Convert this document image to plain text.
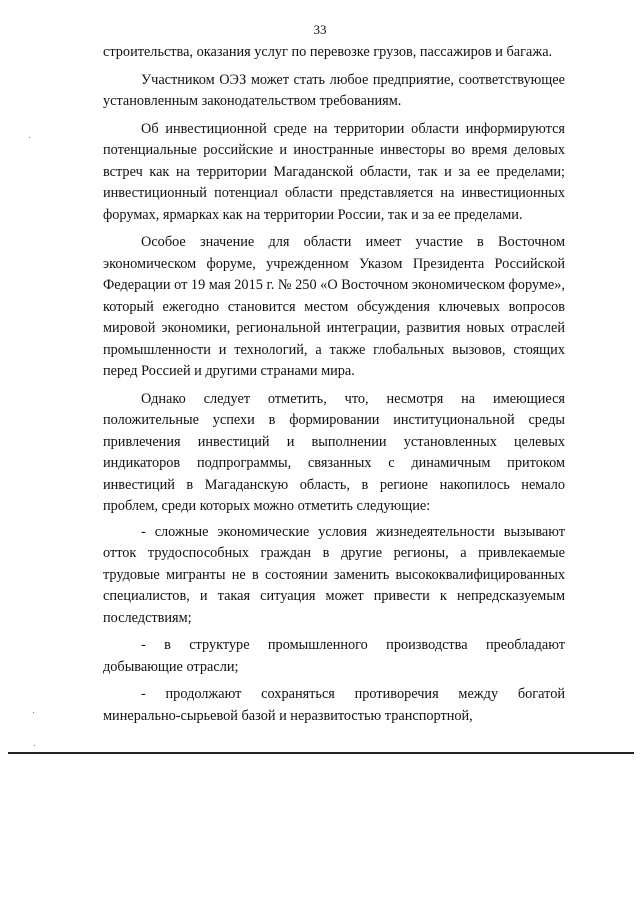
33

строительства, оказания услуг по перевозке грузов, пассажиров и багажа.

Участником ОЭЗ может стать любое предприятие, соответствующее установленным законодательством требованиям.

Об инвестиционной среде на территории области информируются потенциальные российские и иностранные инвесторы во время деловых встреч как на территории Магаданской области, так и за ее пределами; инвестиционный потенциал области представляется на инвестиционных форумах, ярмарках как на территории России, так и за ее пределами.

Особое значение для области имеет участие в Восточном экономическом форуме, учрежденном Указом Президента Российской Федерации от 19 мая 2015 г. № 250 «О Восточном экономическом форуме», который ежегодно становится местом обсуждения ключевых вопросов мировой экономики, региональной интеграции, развития новых отраслей промышленности и технологий, а также глобальных вызовов, стоящих перед Россией и другими странами мира.

Однако следует отметить, что, несмотря на имеющиеся положительные успехи в формировании институциональной среды привлечения инвестиций и выполнении установленных целевых индикаторов подпрограммы, связанных с динамичным притоком инвестиций в Магаданскую область, в регионе накопилось немало проблем, среди которых можно отметить следующие:

- сложные экономические условия жизнедеятельности вызывают отток трудоспособных граждан в другие регионы, а привлекаемые трудовые мигранты не в состоянии заменить высококвалифицированных специалистов, и такая ситуация может привести к непредсказуемым последствиям;

- в структуре промышленного производства преобладают добывающие отрасли;

- продолжают сохраняться противоречия между богатой минерально-сырьевой базой и неразвитостью транспортной,
